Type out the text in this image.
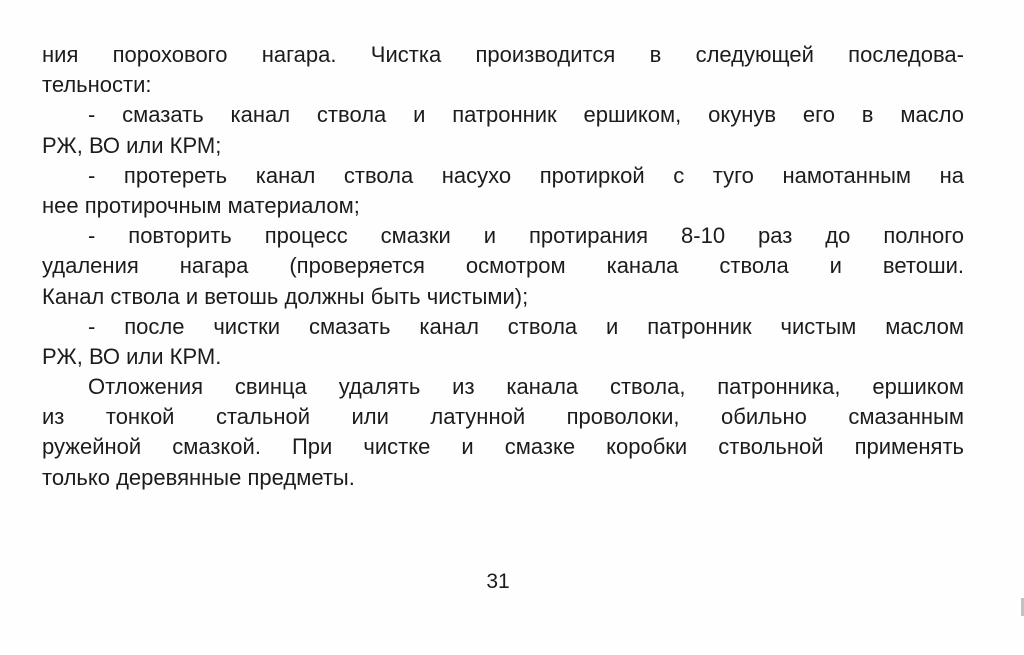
ния порохового нагара. Чистка производится в следующей последова-
тельности:
- смазать канал ствола и патронник ершиком, окунув его в масло
РЖ, ВО или КРМ;
- протереть канал ствола насухо протиркой с туго намотанным на
нее протирочным материалом;
- повторить процесс смазки и протирания 8-10 раз до полного
удаления нагара (проверяется осмотром канала ствола и ветоши.
Канал ствола и ветошь должны быть чистыми);
- после чистки смазать канал ствола и патронник чистым маслом
РЖ, ВО или КРМ.
Отложения свинца удалять из канала ствола, патронника, ершиком
из тонкой стальной или латунной проволоки, обильно смазанным
ружейной смазкой. При чистке и смазке коробки ствольной применять
только деревянные предметы.
31
